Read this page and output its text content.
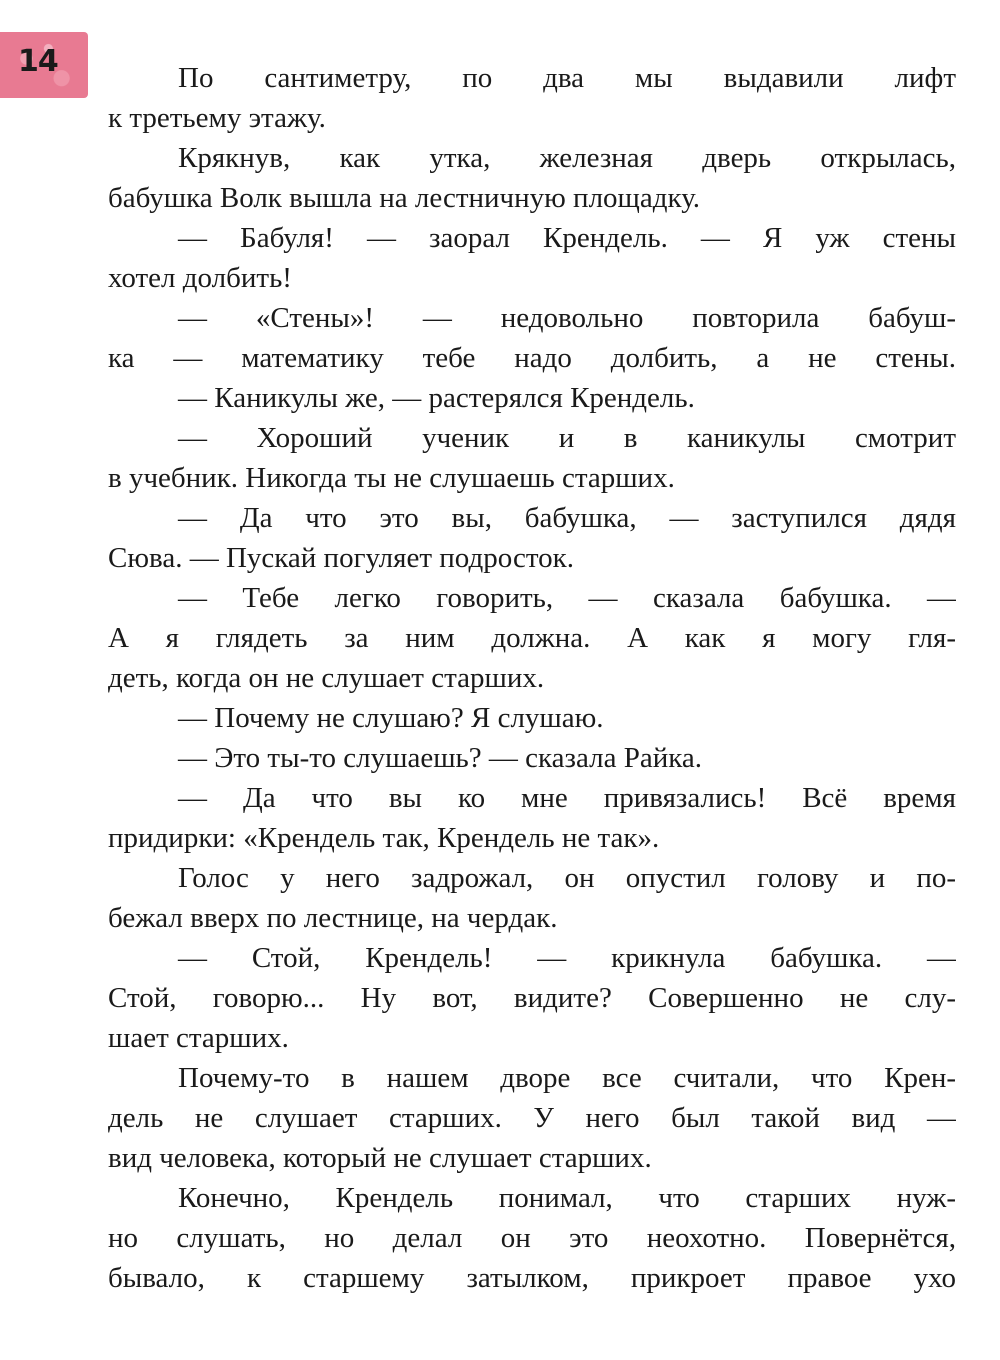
14	По сантиметру, по два мы выдавили лифт
к третьему этажу.
Крякнув, как утка, железная дверь открылась,
бабушка Волк вышла на лестничную площадку.
— Бабуля! — заорал Крендель. — Я уж стены
хотел долбить!
— «Стены»! — недовольно повторила бабуш-
ка — математику тебе надо долбить, а не стены.
— Каникулы же, — растерялся Крендель.
— Хороший ученик и в каникулы смотрит
в учебник. Никогда ты не слушаешь старших.
— Да что это вы, бабушка, — заступился дядя
Сюва. — Пускай погуляет подросток.
— Тебе легко говорить, — сказала бабушка. —
А я глядеть за ним должна. А как я могу гля-
деть, когда он не слушает старших.
— Почему не слушаю? Я слушаю.
— Это ты-то слушаешь? — сказала Райка.
— Да что вы ко мне привязались! Всё время
придирки: «Крендель так, Крендель не так».
Голос у него задрожал, он опустил голову и по-
бежал вверх по лестнице, на чердак.
— Стой, Крендель! — крикнула бабушка. —
Стой, говорю... Ну вот, видите? Совершенно не слу-
шает старших.
Почему-то в нашем дворе все считали, что Крен-
дель не слушает старших. У него был такой вид —
вид человека, который не слушает старших.
Конечно, Крендель понимал, что старших нуж-
но слушать, но делал он это неохотно. Повернётся,
бывало, к старшему затылком, прикроет правое ухо
